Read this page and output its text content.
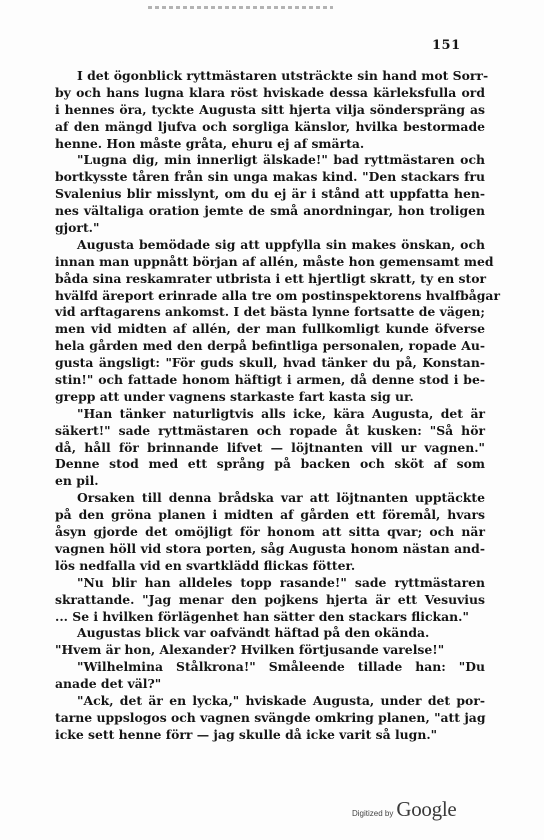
151
I det ögonblick ryttmästaren utsträckte sin hand mot Sorr-
by och hans lugna klara röst hviskade dessa kärleksfulla ord
i hennes öra, tyckte Augusta sitt hjerta vilja sönderspräng as
af den mängd ljufva och sorgliga känslor, hvilka bestormade
henne. Hon måste gråta, ehuru ej af smärta.
"Lugna dig, min innerligt älskade!" bad ryttmästaren och
bortkysste tåren från sin unga makas kind. "Den stackars fru
Svalenius blir misslynt, om du ej är i stånd att uppfatta hen-
nes vältaliga oration jemte de små anordningar, hon troligen
gjort."
Augusta bemödade sig att uppfylla sin makes önskan, och
innan man uppnått början af allén, måste hon gemensamt med
båda sina reskamrater utbrista i ett hjertligt skratt, ty en stor
hvälfd äreport erinrade alla tre om postinspektorens hvalfbågar
vid arftagarens ankomst. I det bästa lynne fortsatte de vägen;
men vid midten af allén, der man fullkomligt kunde öfverse
hela gården med den derpå befintliga personalen, ropade Au-
gusta ängsligt: "För guds skull, hvad tänker du på, Konstan-
stin!" och fattade honom häftigt i armen, då denne stod i be-
grepp att under vagnens starkaste fart kasta sig ur.
"Han tänker naturligtvis alls icke, kära Augusta, det är
säkert!" sade ryttmästaren och ropade åt kusken: "Så hör
då, håll för brinnande lifvet — löjtnanten vill ur vagnen."
Denne stod med ett språng på backen och sköt af som
en pil.
Orsaken till denna brådska var att löjtnanten upptäckte
på den gröna planen i midten af gården ett föremål, hvars
åsyn gjorde det omöjligt för honom att sitta qvar; och när
vagnen höll vid stora porten, såg Augusta honom nästan and-
lös nedfalla vid en svartklädd flickas fötter.
"Nu blir han alldeles topp rasande!" sade ryttmästaren
skrattande. "Jag menar den pojkens hjerta är ett Vesuvius
... Se i hvilken förlägenhet han sätter den stackars flickan."
Augustas blick var oafvändt häftad på den okända.
"Hvem är hon, Alexander? Hvilken förtjusande varelse!"
"Wilhelmina Stålkrona!" Småleende tillade han: "Du
anade det väl?"
"Ack, det är en lycka," hviskade Augusta, under det por-
tarne uppslogos och vagnen svängde omkring planen, "att jag
icke sett henne förr — jag skulle då icke varit så lugn."
Digitized by Google
